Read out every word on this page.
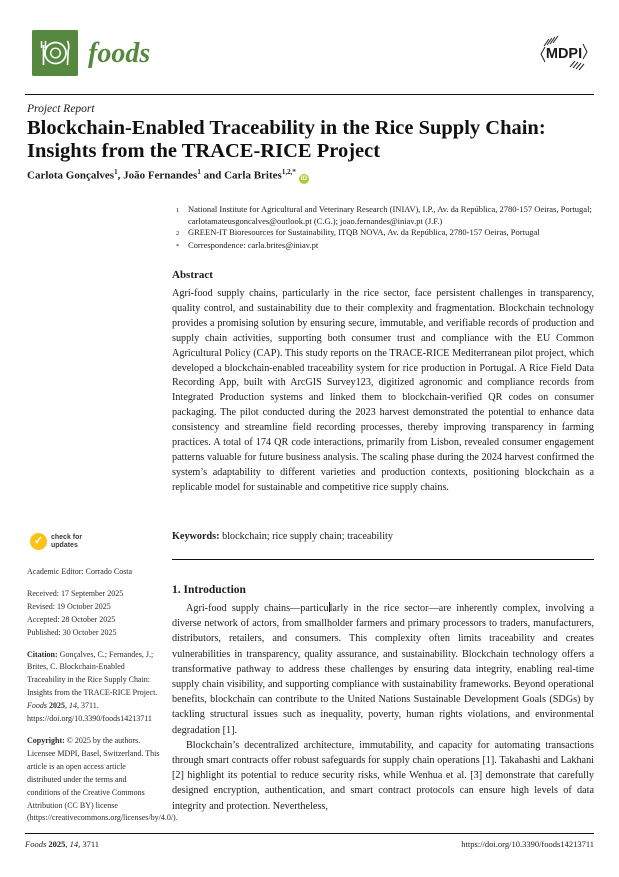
foods	MDPI
Project Report
Blockchain-Enabled Traceability in the Rice Supply Chain: Insights from the TRACE-RICE Project
Carlota Gonçalves$^1$, João Fernandes$^1$ and Carla Brites$^{1,2,*}$iD
1	National Institute for Agricultural and Veterinary Research (INIAV), I.P., Av. da República, 2780-157 Oeiras, Portugal; carlotamateusgoncalves@outlook.pt (C.G.); joao.fernandes@iniav.pt (J.F.)
2	GREEN-IT Bioresources for Sustainability, ITQB NOVA, Av. da República, 2780-157 Oeiras, Portugal
*	Correspondence: carla.brites@iniav.pt
Abstract
Agri-food supply chains, particularly in the rice sector, face persistent challenges in transparency, quality control, and sustainability due to their complexity and fragmentation. Blockchain technology provides a promising solution by ensuring secure, immutable, and verifiable records of production and supply chain activities, supporting both consumer trust and compliance with the EU Common Agricultural Policy (CAP). This study reports on the TRACE-RICE Mediterranean pilot project, which developed a blockchain-enabled traceability system for rice production in Portugal. A Rice Field Data Recording App, built with ArcGIS Survey123, digitized agronomic and compliance records from Integrated Production systems and linked them to blockchain-verified QR codes on consumer packaging. The pilot conducted during the 2023 harvest demonstrated the potential to enhance data consistency and streamline field recording processes, thereby improving transparency in farming practices. A total of 174 QR code interactions, primarily from Lisbon, revealed consumer engagement patterns valuable for future business analysis. The scaling phase during the 2024 harvest confirmed the system’s adaptability to different varieties and production contexts, positioning blockchain as a replicable model for sustainable and competitive rice supply chains.
Keywords: blockchain; rice supply chain; traceability
✓	check for
updates
Academic Editor: Corrado Costa
Received: 17 September 2025
Revised: 19 October 2025
Accepted: 28 October 2025
Published: 30 October 2025
Citation: Gonçalves, C.; Fernandes, J.; Brites, C. Blockchain-Enabled Traceability in the Rice Supply Chain: Insights from the TRACE-RICE Project. Foods 2025, 14, 3711. https://doi.org/10.3390/foods14213711
Copyright: © 2025 by the authors. Licensee MDPI, Basel, Switzerland. This article is an open access article distributed under the terms and conditions of the Creative Commons Attribution (CC BY) license (https://creativecommons.org/licenses/by/4.0/).
1. Introduction

Agri-food supply chains—particularly in the rice sector—are inherently complex, involving a diverse network of actors, from smallholder farmers and primary processors to traders, manufacturers, distributors, retailers, and consumers. This complexity often limits traceability and creates vulnerabilities in transparency, quality assurance, and sustainability. Blockchain technology offers a transformative pathway to address these challenges by ensuring data integrity, enabling real-time supply chain visibility, and supporting compliance with sustainability frameworks. Beyond operational benefits, blockchain can contribute to the United Nations Sustainable Development Goals (SDGs) by tackling structural issues such as inequality, poverty, human rights violations, and environmental degradation [1].

Blockchain’s decentralized architecture, immutability, and capacity for automating transactions through smart contracts offer robust safeguards for supply chain operations [1]. Takahashi and Lakhani [2] highlight its potential to reduce security risks, while Wenhua et al. [3] demonstrate that carefully designed encryption, authentication, and smart contract protocols can ensure high levels of data integrity and protection. Nevertheless,

Foods 2025, 14, 3711	https://doi.org/10.3390/foods14213711
